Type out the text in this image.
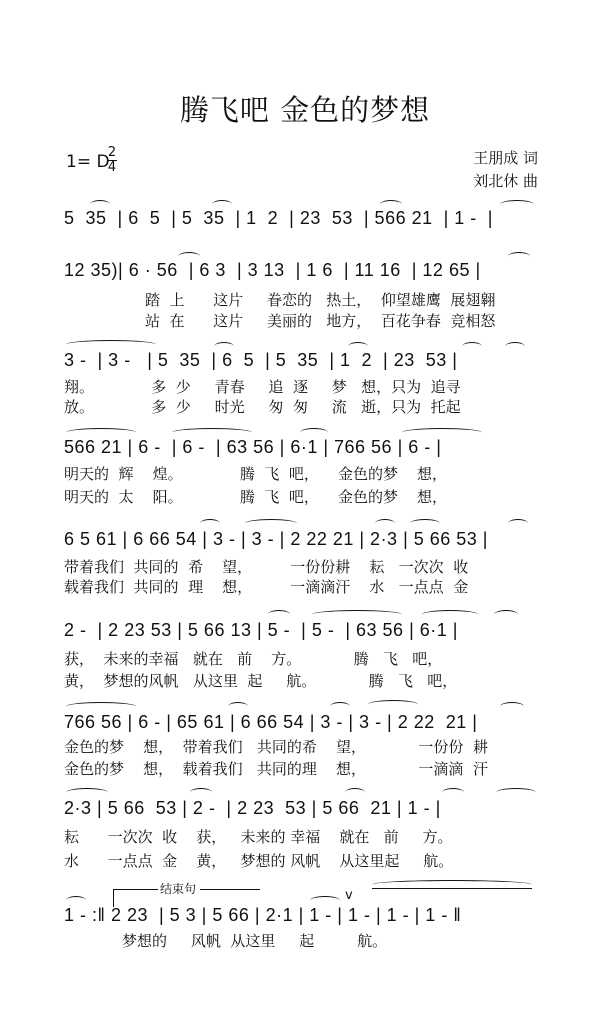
腾飞吧 金色的梦想
1= D
2
4
王朋成 词
刘北休 曲
5  35  | 6  5  | 5  35  | 1  2  | 23  53  | 566 21  | 1 -  |
12 35)| 6 · 56  | 6 3  | 3 13  | 1 6  | 11 16  | 12 65 |
踏  上      这片     眷恋的   热土，  仰望雄鹰  展翅翱
站  在      这片     美丽的   地方，  百花争春  竞相怒
3 -  | 3 -   | 5  35  | 6  5  | 5  35  | 1  2  | 23  53 |
翔。            多  少     青春     追  逐     梦   想，只为  追寻
放。            多  少     时光     匆  匆     流   逝，只为  托起
566 21 | 6 -  | 6 -  | 63 56 | 6·1 | 766 56 | 6 - |
明天的  辉    煌。            腾  飞  吧，    金色的梦    想，
明天的  太    阳。            腾  飞  吧，    金色的梦    想，
6 5 61 | 6 66 54 | 3 - | 3 - | 2 22 21 | 2·3 | 5 66 53 |
带着我们  共同的  希    望，        一份份耕    耘   一次次  收
载着我们  共同的  理    想，        一滴滴汗    水   一点点  金
2 -  | 2 23 53 | 5 66 13 | 5 -  | 5 -  | 63 56 | 6·1 |
获，  未来的幸福   就在   前    方。           腾   飞   吧，
黄，  梦想的风帆   从这里  起     航。           腾   飞   吧，
766 56 | 6 - | 65 61 | 6 66 54 | 3 - | 3 - | 2 22  21 |
金色的梦    想，  带着我们   共同的希    望，           一份份  耕
金色的梦    想，  载着我们   共同的理    想，           一滴滴  汗
2·3 | 5 66  53 | 2 -  | 2 23  53 | 5 66  21 | 1 - |
耘      一次次  收    获，   未来的 幸福    就在   前     方。
水      一点点  金    黄，   梦想的 风帆    从这里起     航。
结束句
1 - :‖ 2 23  | 5 3 | 5 66 | 2·1 | 1 - | 1 - | 1 - | 1 - ‖
梦想的     风帆  从这里     起         航。
v
